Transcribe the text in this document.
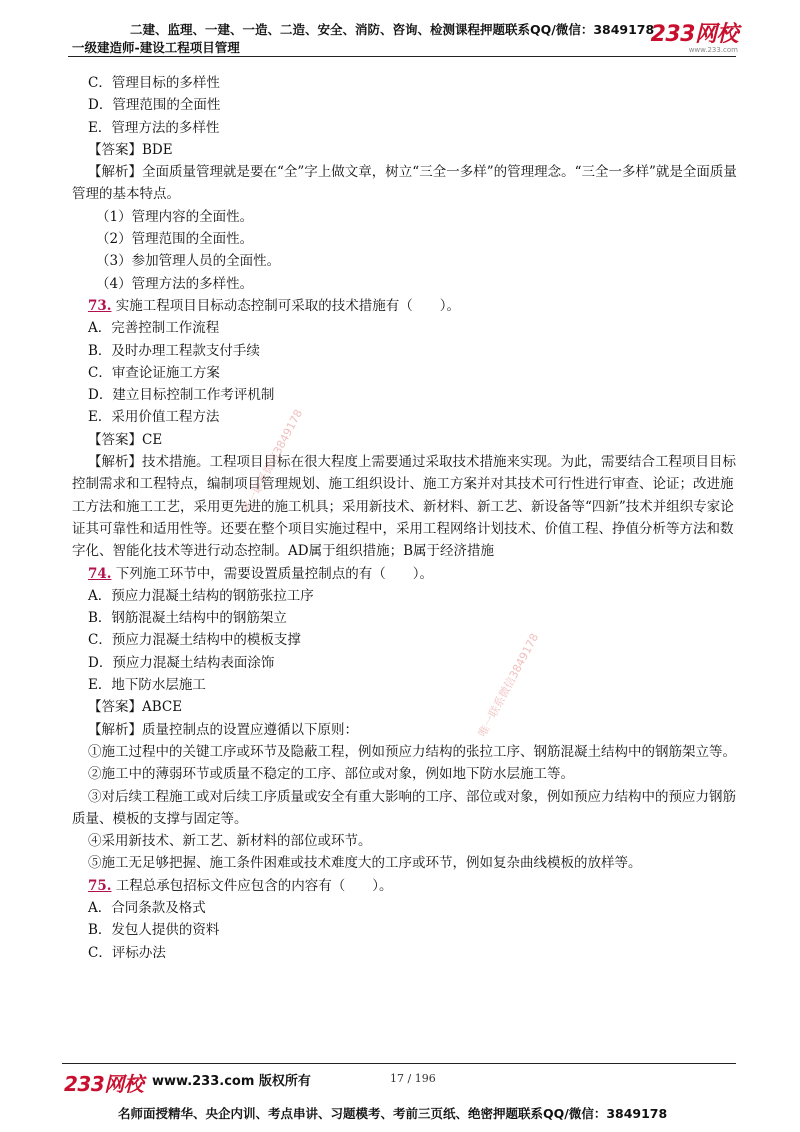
二建、监理、一建、一造、二造、安全、消防、咨询、检测课程押题联系QQ/微信：3849178
一级建造师-建设工程项目管理
233网校
www.233.com
唯一联系微信3849178
唯一联系微信3849178

C．管理目标的多样性

D．管理范围的全面性

E．管理方法的多样性

【答案】BDE

【解析】全面质量管理就是要在“全”字上做文章，树立“三全一多样”的管理理念。“三全一多样”就是全面质量管理的基本特点。

（1）管理内容的全面性。

（2）管理范围的全面性。

（3）参加管理人员的全面性。

（4）管理方法的多样性。

73. 实施工程项目目标动态控制可采取的技术措施有（　　）。

A．完善控制工作流程

B．及时办理工程款支付手续

C．审查论证施工方案

D．建立目标控制工作考评机制

E．采用价值工程方法

【答案】CE

【解析】技术措施。工程项目目标在很大程度上需要通过采取技术措施来实现。为此，需要结合工程项目目标控制需求和工程特点，编制项目管理规划、施工组织设计、施工方案并对其技术可行性进行审查、论证；改进施工方法和施工工艺，采用更先进的施工机具；采用新技术、新材料、新工艺、新设备等“四新”技术并组织专家论证其可靠性和适用性等。还要在整个项目实施过程中，采用工程网络计划技术、价值工程、挣值分析等方法和数字化、智能化技术等进行动态控制。AD属于组织措施；B属于经济措施

74. 下列施工环节中，需要设置质量控制点的有（　　）。

A．预应力混凝土结构的钢筋张拉工序

B．钢筋混凝土结构中的钢筋架立

C．预应力混凝土结构中的模板支撑

D．预应力混凝土结构表面涂饰

E．地下防水层施工

【答案】ABCE

【解析】质量控制点的设置应遵循以下原则：

①施工过程中的关键工序或环节及隐蔽工程，例如预应力结构的张拉工序、钢筋混凝土结构中的钢筋架立等。

②施工中的薄弱环节或质量不稳定的工序、部位或对象，例如地下防水层施工等。

③对后续工程施工或对后续工序质量或安全有重大影响的工序、部位或对象，例如预应力结构中的预应力钢筋质量、模板的支撑与固定等。

④采用新技术、新工艺、新材料的部位或环节。

⑤施工无足够把握、施工条件困难或技术难度大的工序或环节，例如复杂曲线模板的放样等。

75. 工程总承包招标文件应包含的内容有（　　）。

A．合同条款及格式

B．发包人提供的资料

C．评标办法

233网校 www.233.com 版权所有	17 / 196
名师面授精华、央企内训、考点串讲、习题模考、考前三页纸、绝密押题联系QQ/微信：3849178
